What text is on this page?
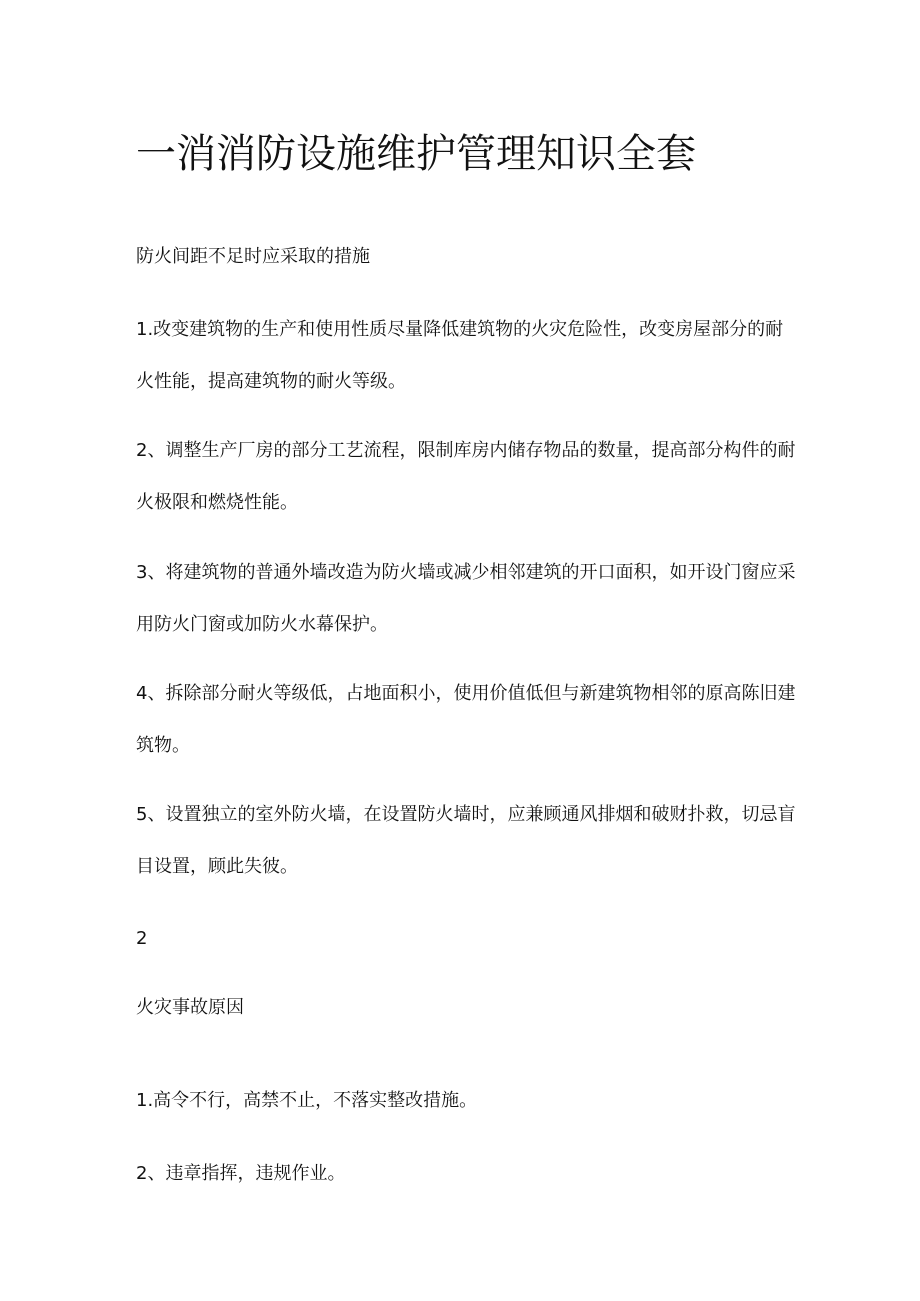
一消消防设施维护管理知识全套

防火间距不足时应采取的措施

1.改变建筑物的生产和使用性质尽量降低建筑物的火灾危险性，改变房屋部分的耐火性能，提高建筑物的耐火等级。

2、调整生产厂房的部分工艺流程，限制库房内储存物品的数量，提高部分构件的耐火极限和燃烧性能。

3、将建筑物的普通外墙改造为防火墙或减少相邻建筑的开口面积，如开设门窗应采用防火门窗或加防火水幕保护。

4、拆除部分耐火等级低，占地面积小，使用价值低但与新建筑物相邻的原高陈旧建筑物。

5、设置独立的室外防火墙，在设置防火墙时，应兼顾通风排烟和破财扑救，切忌盲目设置，顾此失彼。

2

火灾事故原因

1.高令不行，高禁不止，不落实整改措施。

2、违章指挥，违规作业。
